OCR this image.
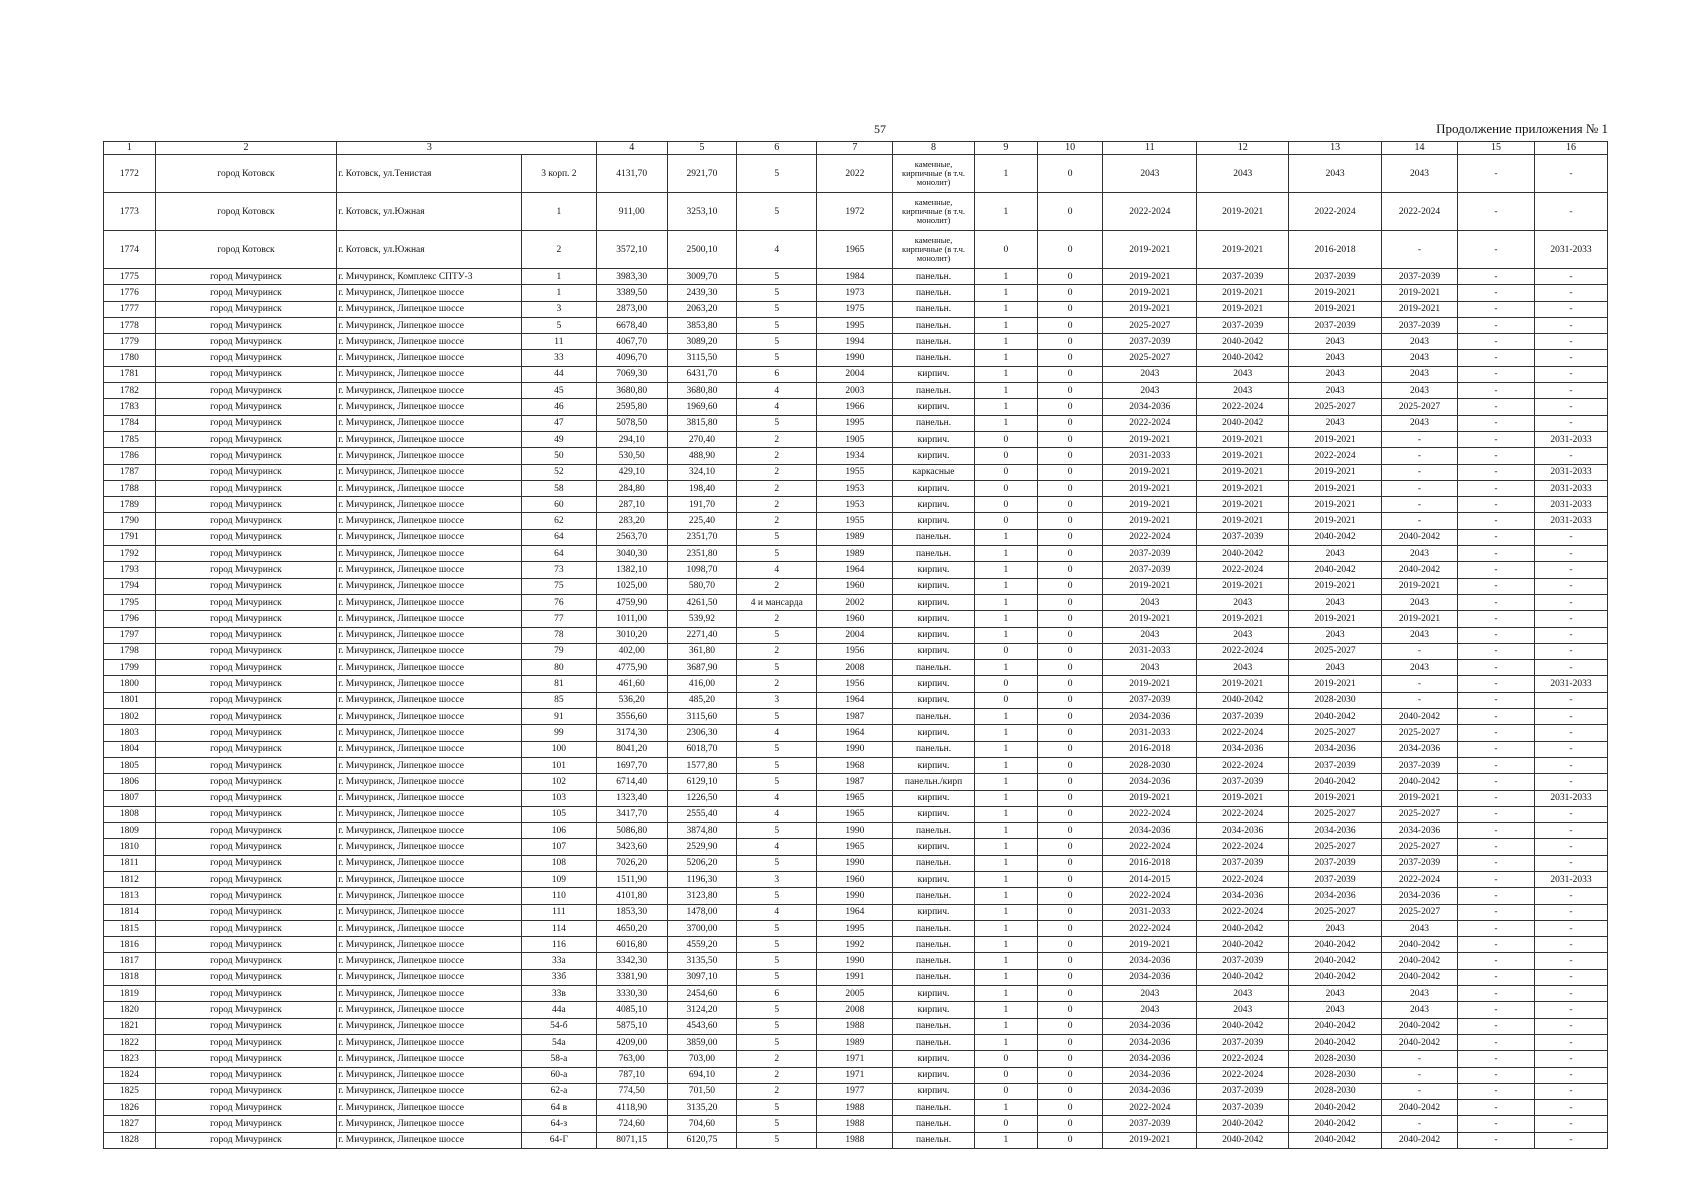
57	Продолжение приложения № 1
1	2	3		4	5	6	7	8	9	10	11	12	13	14	15	16
1772	город Котовск	г. Котовск, ул.Тенистая	3 корп. 2	4131,70	2921,70	5	2022	каменные, кирпичные (в т.ч. монолит)	1	0	2043	2043	2043	2043	-	-
1773	город Котовск	г. Котовск, ул.Южная	1	911,00	3253,10	5	1972	каменные, кирпичные (в т.ч. монолит)	1	0	2022-2024	2019-2021	2022-2024	2022-2024	-	-
1774	город Котовск	г. Котовск, ул.Южная	2	3572,10	2500,10	4	1965	каменные, кирпичные (в т.ч. монолит)	0	0	2019-2021	2019-2021	2016-2018	-	-	2031-2033
1775	город Мичуринск	г. Мичуринск, Комплекс СПТУ-3	1	3983,30	3009,70	5	1984	панельн.	1	0	2019-2021	2037-2039	2037-2039	2037-2039	-	-
1776	город Мичуринск	г. Мичуринск, Липецкое шоссе	1	3389,50	2439,30	5	1973	панельн.	1	0	2019-2021	2019-2021	2019-2021	2019-2021	-	-
1777	город Мичуринск	г. Мичуринск, Липецкое шоссе	3	2873,00	2063,20	5	1975	панельн.	1	0	2019-2021	2019-2021	2019-2021	2019-2021	-	-
1778	город Мичуринск	г. Мичуринск, Липецкое шоссе	5	6678,40	3853,80	5	1995	панельн.	1	0	2025-2027	2037-2039	2037-2039	2037-2039	-	-
1779	город Мичуринск	г. Мичуринск, Липецкое шоссе	11	4067,70	3089,20	5	1994	панельн.	1	0	2037-2039	2040-2042	2043	2043	-	-
1780	город Мичуринск	г. Мичуринск, Липецкое шоссе	33	4096,70	3115,50	5	1990	панельн.	1	0	2025-2027	2040-2042	2043	2043	-	-
1781	город Мичуринск	г. Мичуринск, Липецкое шоссе	44	7069,30	6431,70	6	2004	кирпич.	1	0	2043	2043	2043	2043	-	-
1782	город Мичуринск	г. Мичуринск, Липецкое шоссе	45	3680,80	3680,80	4	2003	панельн.	1	0	2043	2043	2043	2043	-	-
1783	город Мичуринск	г. Мичуринск, Липецкое шоссе	46	2595,80	1969,60	4	1966	кирпич.	1	0	2034-2036	2022-2024	2025-2027	2025-2027	-	-
1784	город Мичуринск	г. Мичуринск, Липецкое шоссе	47	5078,50	3815,80	5	1995	панельн.	1	0	2022-2024	2040-2042	2043	2043	-	-
1785	город Мичуринск	г. Мичуринск, Липецкое шоссе	49	294,10	270,40	2	1905	кирпич.	0	0	2019-2021	2019-2021	2019-2021	-	-	2031-2033
1786	город Мичуринск	г. Мичуринск, Липецкое шоссе	50	530,50	488,90	2	1934	кирпич.	0	0	2031-2033	2019-2021	2022-2024	-	-	-
1787	город Мичуринск	г. Мичуринск, Липецкое шоссе	52	429,10	324,10	2	1955	каркасные	0	0	2019-2021	2019-2021	2019-2021	-	-	2031-2033
1788	город Мичуринск	г. Мичуринск, Липецкое шоссе	58	284,80	198,40	2	1953	кирпич.	0	0	2019-2021	2019-2021	2019-2021	-	-	2031-2033
1789	город Мичуринск	г. Мичуринск, Липецкое шоссе	60	287,10	191,70	2	1953	кирпич.	0	0	2019-2021	2019-2021	2019-2021	-	-	2031-2033
1790	город Мичуринск	г. Мичуринск, Липецкое шоссе	62	283,20	225,40	2	1955	кирпич.	0	0	2019-2021	2019-2021	2019-2021	-	-	2031-2033
1791	город Мичуринск	г. Мичуринск, Липецкое шоссе	64	2563,70	2351,70	5	1989	панельн.	1	0	2022-2024	2037-2039	2040-2042	2040-2042	-	-
1792	город Мичуринск	г. Мичуринск, Липецкое шоссе	64	3040,30	2351,80	5	1989	панельн.	1	0	2037-2039	2040-2042	2043	2043	-	-
1793	город Мичуринск	г. Мичуринск, Липецкое шоссе	73	1382,10	1098,70	4	1964	кирпич.	1	0	2037-2039	2022-2024	2040-2042	2040-2042	-	-
1794	город Мичуринск	г. Мичуринск, Липецкое шоссе	75	1025,00	580,70	2	1960	кирпич.	1	0	2019-2021	2019-2021	2019-2021	2019-2021	-	-
1795	город Мичуринск	г. Мичуринск, Липецкое шоссе	76	4759,90	4261,50	4 и мансарда	2002	кирпич.	1	0	2043	2043	2043	2043	-	-
1796	город Мичуринск	г. Мичуринск, Липецкое шоссе	77	1011,00	539,92	2	1960	кирпич.	1	0	2019-2021	2019-2021	2019-2021	2019-2021	-	-
1797	город Мичуринск	г. Мичуринск, Липецкое шоссе	78	3010,20	2271,40	5	2004	кирпич.	1	0	2043	2043	2043	2043	-	-
1798	город Мичуринск	г. Мичуринск, Липецкое шоссе	79	402,00	361,80	2	1956	кирпич.	0	0	2031-2033	2022-2024	2025-2027	-	-	-
1799	город Мичуринск	г. Мичуринск, Липецкое шоссе	80	4775,90	3687,90	5	2008	панельн.	1	0	2043	2043	2043	2043	-	-
1800	город Мичуринск	г. Мичуринск, Липецкое шоссе	81	461,60	416,00	2	1956	кирпич.	0	0	2019-2021	2019-2021	2019-2021	-	-	2031-2033
1801	город Мичуринск	г. Мичуринск, Липецкое шоссе	85	536,20	485,20	3	1964	кирпич.	0	0	2037-2039	2040-2042	2028-2030	-	-	-
1802	город Мичуринск	г. Мичуринск, Липецкое шоссе	91	3556,60	3115,60	5	1987	панельн.	1	0	2034-2036	2037-2039	2040-2042	2040-2042	-	-
1803	город Мичуринск	г. Мичуринск, Липецкое шоссе	99	3174,30	2306,30	4	1964	кирпич.	1	0	2031-2033	2022-2024	2025-2027	2025-2027	-	-
1804	город Мичуринск	г. Мичуринск, Липецкое шоссе	100	8041,20	6018,70	5	1990	панельн.	1	0	2016-2018	2034-2036	2034-2036	2034-2036	-	-
1805	город Мичуринск	г. Мичуринск, Липецкое шоссе	101	1697,70	1577,80	5	1968	кирпич.	1	0	2028-2030	2022-2024	2037-2039	2037-2039	-	-
1806	город Мичуринск	г. Мичуринск, Липецкое шоссе	102	6714,40	6129,10	5	1987	панельн./кирп	1	0	2034-2036	2037-2039	2040-2042	2040-2042	-	-
1807	город Мичуринск	г. Мичуринск, Липецкое шоссе	103	1323,40	1226,50	4	1965	кирпич.	1	0	2019-2021	2019-2021	2019-2021	2019-2021	-	2031-2033
1808	город Мичуринск	г. Мичуринск, Липецкое шоссе	105	3417,70	2555,40	4	1965	кирпич.	1	0	2022-2024	2022-2024	2025-2027	2025-2027	-	-
1809	город Мичуринск	г. Мичуринск, Липецкое шоссе	106	5086,80	3874,80	5	1990	панельн.	1	0	2034-2036	2034-2036	2034-2036	2034-2036	-	-
1810	город Мичуринск	г. Мичуринск, Липецкое шоссе	107	3423,60	2529,90	4	1965	кирпич.	1	0	2022-2024	2022-2024	2025-2027	2025-2027	-	-
1811	город Мичуринск	г. Мичуринск, Липецкое шоссе	108	7026,20	5206,20	5	1990	панельн.	1	0	2016-2018	2037-2039	2037-2039	2037-2039	-	-
1812	город Мичуринск	г. Мичуринск, Липецкое шоссе	109	1511,90	1196,30	3	1960	кирпич.	1	0	2014-2015	2022-2024	2037-2039	2022-2024	-	2031-2033
1813	город Мичуринск	г. Мичуринск, Липецкое шоссе	110	4101,80	3123,80	5	1990	панельн.	1	0	2022-2024	2034-2036	2034-2036	2034-2036	-	-
1814	город Мичуринск	г. Мичуринск, Липецкое шоссе	111	1853,30	1478,00	4	1964	кирпич.	1	0	2031-2033	2022-2024	2025-2027	2025-2027	-	-
1815	город Мичуринск	г. Мичуринск, Липецкое шоссе	114	4650,20	3700,00	5	1995	панельн.	1	0	2022-2024	2040-2042	2043	2043	-	-
1816	город Мичуринск	г. Мичуринск, Липецкое шоссе	116	6016,80	4559,20	5	1992	панельн.	1	0	2019-2021	2040-2042	2040-2042	2040-2042	-	-
1817	город Мичуринск	г. Мичуринск, Липецкое шоссе	33а	3342,30	3135,50	5	1990	панельн.	1	0	2034-2036	2037-2039	2040-2042	2040-2042	-	-
1818	город Мичуринск	г. Мичуринск, Липецкое шоссе	33б	3381,90	3097,10	5	1991	панельн.	1	0	2034-2036	2040-2042	2040-2042	2040-2042	-	-
1819	город Мичуринск	г. Мичуринск, Липецкое шоссе	33в	3330,30	2454,60	6	2005	кирпич.	1	0	2043	2043	2043	2043	-	-
1820	город Мичуринск	г. Мичуринск, Липецкое шоссе	44а	4085,10	3124,20	5	2008	кирпич.	1	0	2043	2043	2043	2043	-	-
1821	город Мичуринск	г. Мичуринск, Липецкое шоссе	54-б	5875,10	4543,60	5	1988	панельн.	1	0	2034-2036	2040-2042	2040-2042	2040-2042	-	-
1822	город Мичуринск	г. Мичуринск, Липецкое шоссе	54а	4209,00	3859,00	5	1989	панельн.	1	0	2034-2036	2037-2039	2040-2042	2040-2042	-	-
1823	город Мичуринск	г. Мичуринск, Липецкое шоссе	58-а	763,00	703,00	2	1971	кирпич.	0	0	2034-2036	2022-2024	2028-2030	-	-	-
1824	город Мичуринск	г. Мичуринск, Липецкое шоссе	60-а	787,10	694,10	2	1971	кирпич.	0	0	2034-2036	2022-2024	2028-2030	-	-	-
1825	город Мичуринск	г. Мичуринск, Липецкое шоссе	62-а	774,50	701,50	2	1977	кирпич.	0	0	2034-2036	2037-2039	2028-2030	-	-	-
1826	город Мичуринск	г. Мичуринск, Липецкое шоссе	64 в	4118,90	3135,20	5	1988	панельн.	1	0	2022-2024	2037-2039	2040-2042	2040-2042	-	-
1827	город Мичуринск	г. Мичуринск, Липецкое шоссе	64-з	724,60	704,60	5	1988	панельн.	0	0	2037-2039	2040-2042	2040-2042	-	-	-
1828	город Мичуринск	г. Мичуринск, Липецкое шоссе	64-Г	8071,15	6120,75	5	1988	панельн.	1	0	2019-2021	2040-2042	2040-2042	2040-2042	-	-
